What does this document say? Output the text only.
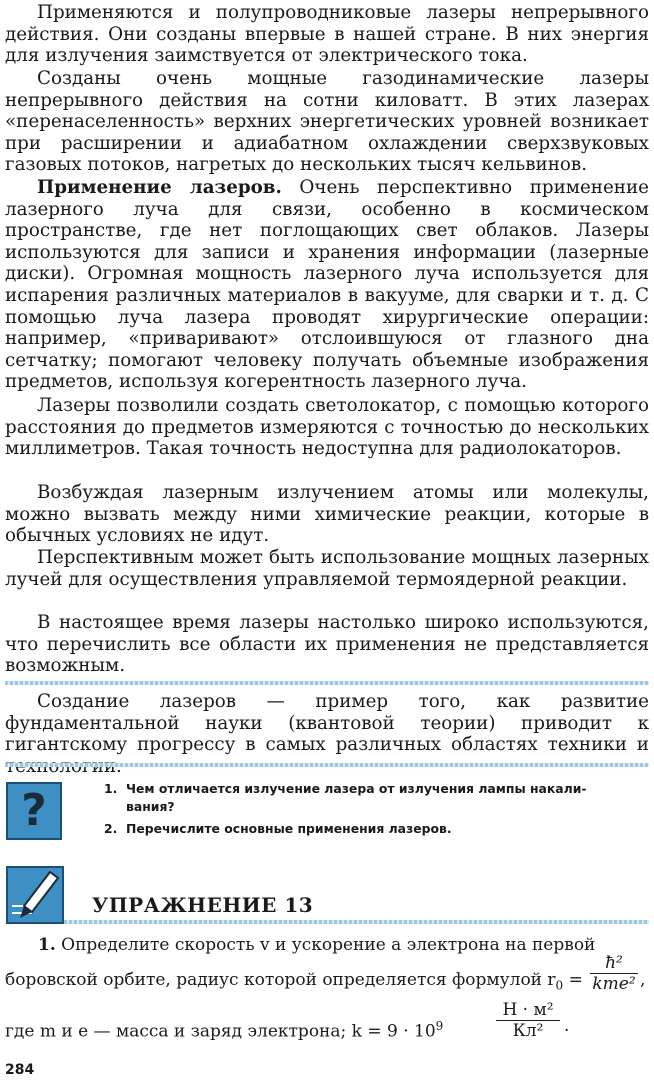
Применяются и полупроводниковые лазеры непрерывного действия. Они созданы впервые в нашей стране. В них энергия для излучения заимствуется от электрического тока.

Созданы очень мощные газодинамические лазеры непрерывного действия на сотни киловатт. В этих лазерах «перенаселенность» верхних энергетических уровней возникает при расширении и адиабатном охлаждении сверхзвуковых газовых потоков, нагретых до нескольких тысяч кельвинов.

Применение лазеров. Очень перспективно применение лазерного луча для связи, особенно в космическом пространстве, где нет поглощающих свет облаков. Лазеры используются для записи и хранения информации (лазерные диски). Огромная мощность лазерного луча используется для испарения различных материалов в вакууме, для сварки и т. д. С помощью луча лазера проводят хирургические операции: например, «приваривают» отслоившуюся от глазного дна сетчатку; помогают человеку получать объемные изображения предметов, используя когерентность лазерного луча.

Лазеры позволили создать светолокатор, с помощью которого расстояния до предметов измеряются с точностью до нескольких миллиметров. Такая точность недоступна для радиолокаторов.

Возбуждая лазерным излучением атомы или молекулы, можно вызвать между ними химические реакции, которые в обычных условиях не идут.

Перспективным может быть использование мощных лазерных лучей для осуществления управляемой термоядерной реакции.

В настоящее время лазеры настолько широко используются, что перечислить все области их применения не представляется возможным.

Создание лазеров — пример того, как развитие фундаментальной науки (квантовой теории) приводит к гигантскому прогрессу в самых различных областях техники и

?	1. Чем отличается излучение лазера от излучения лампы накали-
вания?
2. Перечислите основные применения лазеров.
УПРАЖНЕНИЕ 13
1. Определите скорость v и ускорение a электрона на первой
боровской орбите, радиус которой определяется формулой $r_0$ =
ħ²
kme² ,
где m и e — масса и заряд электрона; $k = 9 \cdot 10^9$
Н · м²
Кл²	.
284
